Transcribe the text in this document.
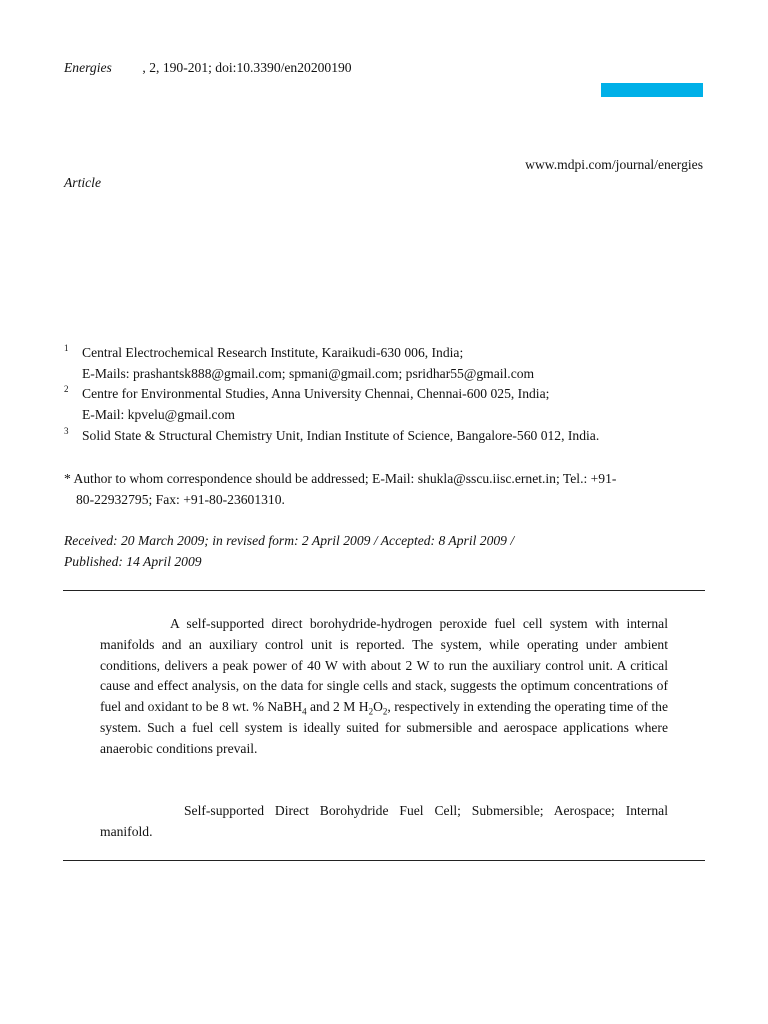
Energies , 2, 190-201; doi:10.3390/en20200190
www.mdpi.com/journal/energies
Article
1 Central Electrochemical Research Institute, Karaikudi-630 006, India;
E-Mails: prashantsk888@gmail.com; spmani@gmail.com; psridhar55@gmail.com
2 Centre for Environmental Studies, Anna University Chennai, Chennai-600 025, India;
E-Mail: kpvelu@gmail.com
3 Solid State & Structural Chemistry Unit, Indian Institute of Science, Bangalore-560 012, India.
* Author to whom correspondence should be addressed; E-Mail: shukla@sscu.iisc.ernet.in; Tel.: +91-
80-22932795; Fax: +91-80-23601310.
Received: 20 March 2009; in revised form: 2 April 2009 / Accepted: 8 April 2009 /
Published: 14 April 2009
A self-supported direct borohydride-hydrogen peroxide fuel cell system with internal manifolds and an auxiliary control unit is reported. The system, while operating under ambient conditions, delivers a peak power of 40 W with about 2 W to run the auxiliary control unit. A critical cause and effect analysis, on the data for single cells and stack, suggests the optimum concentrations of fuel and oxidant to be 8 wt. % NaBH$_4$ and 2 M $H_2O_2$, respectively in extending the operating time of the system. Such a fuel cell system is ideally suited for submersible and aerospace applications where anaerobic conditions prevail.
Self-supported Direct Borohydride Fuel Cell; Submersible; Aerospace; Internal manifold.
